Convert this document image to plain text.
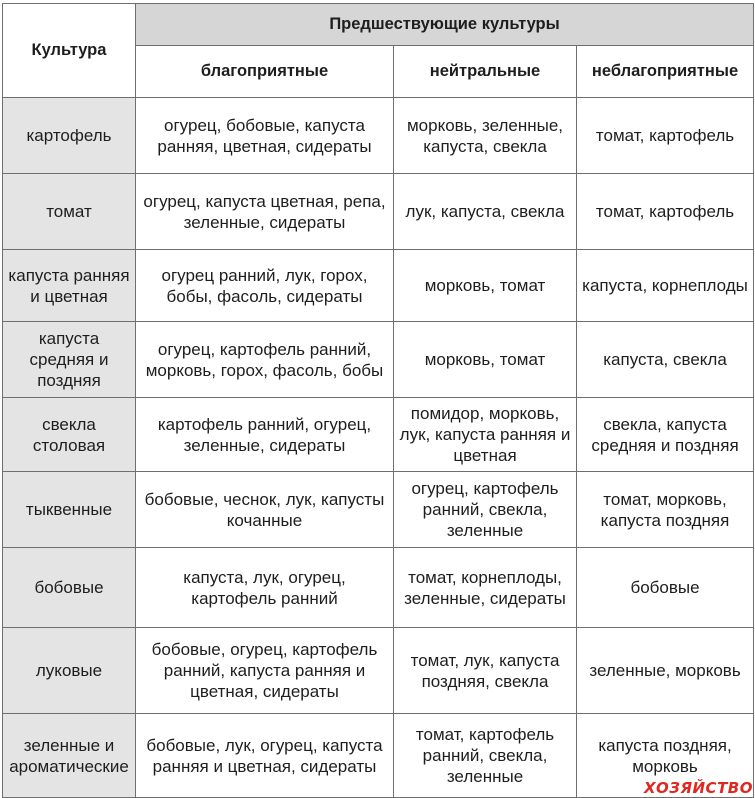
Культура	Предшествующие культуры		
	благоприятные	нейтральные	неблагоприятные
картофель	огурец, бобовые, капуста ранняя, цветная, сидераты	морковь, зеленные, капуста, свекла	томат, картофель
томат	огурец, капуста цветная, репа, зеленные, сидераты	лук, капуста, свекла	томат, картофель
капуста ранняя и цветная	огурец ранний, лук, горох, бобы, фасоль, сидераты	морковь, томат	капуста, корнеплоды
капуста средняя и поздняя	огурец, картофель ранний, морковь, горох, фасоль, бобы	морковь, томат	капуста, свекла
свекла столовая	картофель ранний, огурец, зеленные, сидераты	помидор, морковь, лук, капуста ранняя и цветная	свекла, капуста средняя и поздняя
тыквенные	бобовые, чеснок, лук, капусты кочанные	огурец, картофель ранний, свекла, зеленные	томат, морковь, капуста поздняя
бобовые	капуста, лук, огурец, картофель ранний	томат, корнеплоды, зеленные, сидераты	бобовые
луковые	бобовые, огурец, картофель ранний, капуста ранняя и цветная, сидераты	томат, лук, капуста поздняя, свекла	зеленные, морковь
зеленные и ароматические	бобовые, лук, огурец, капуста ранняя и цветная, сидераты	томат, картофель ранний, свекла, зеленные	капуста поздняя, морковь
ХОЗЯЙСТВО
